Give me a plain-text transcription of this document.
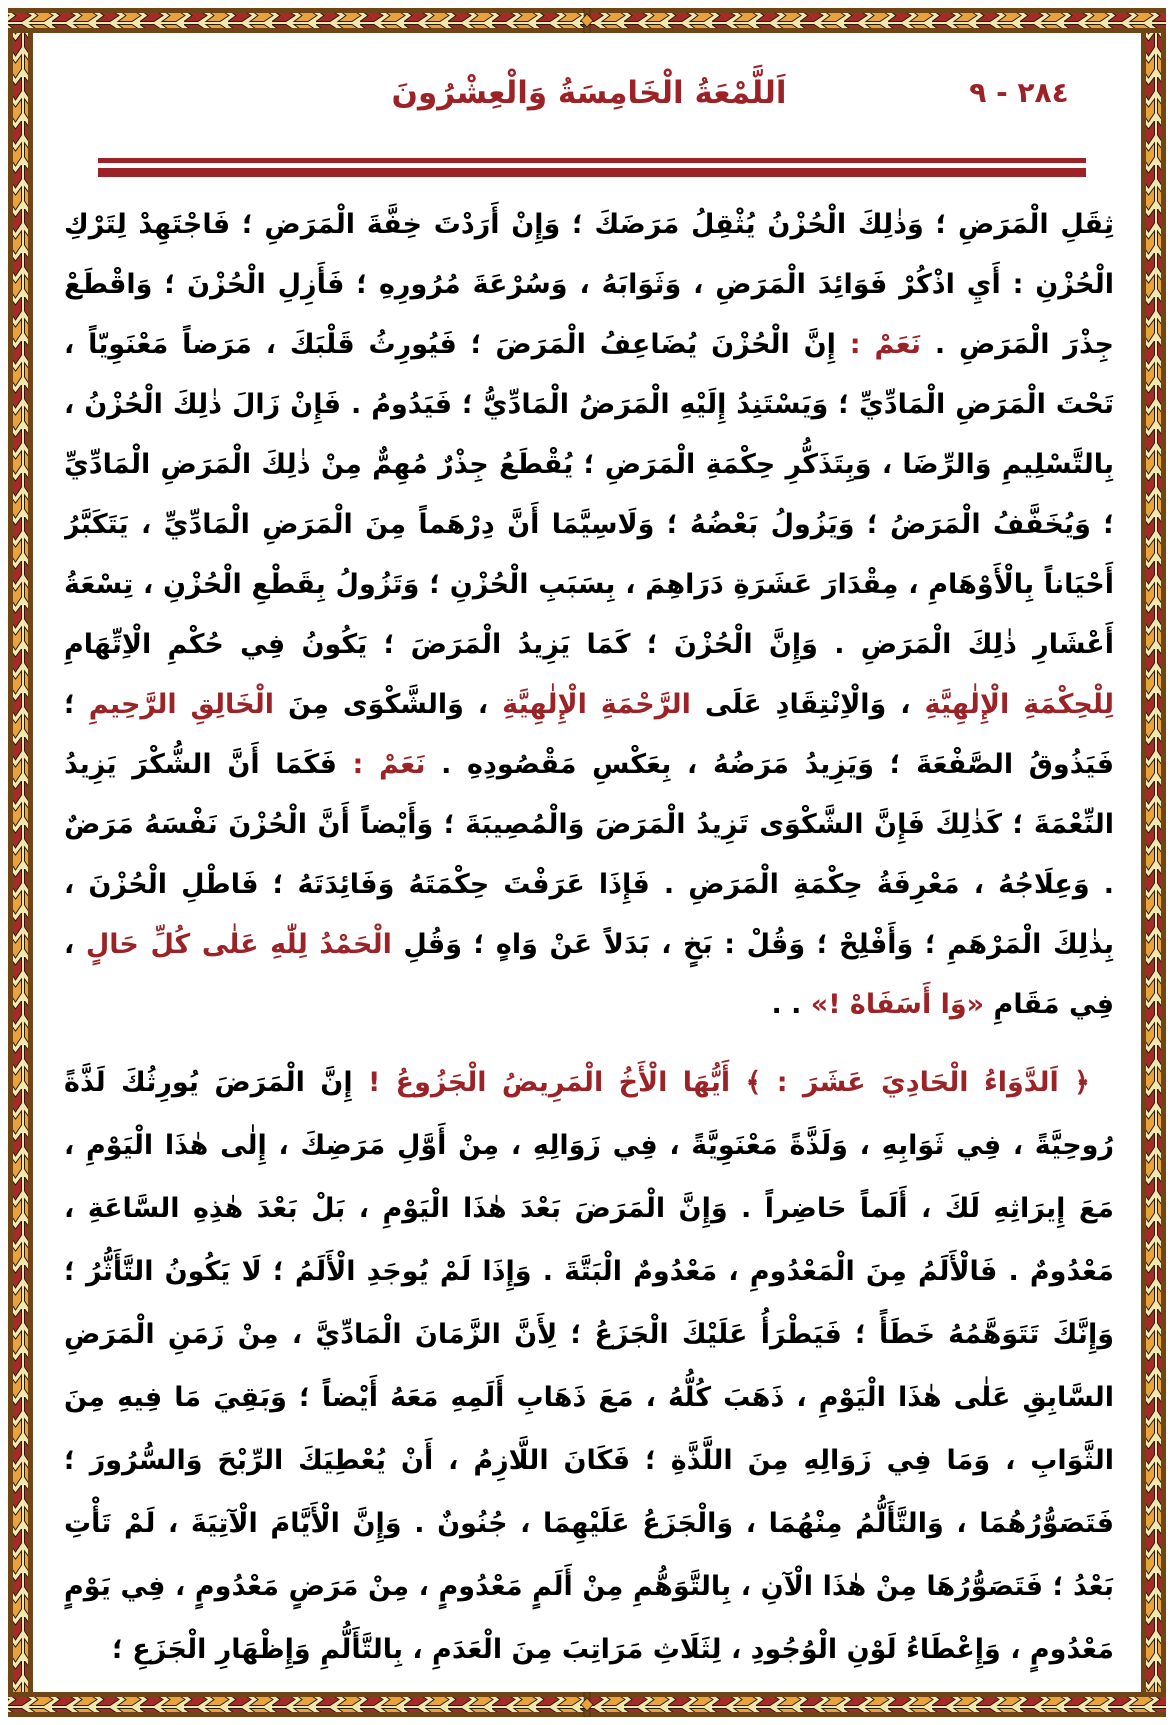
اَللَّمْعَةُ الْخَامِسَةُ وَالْعِشْرُونَ	٢٨٤ - ٩

ثِقَلِ الْمَرَضِ ؛ وَذٰلِكَ الْحُزْنُ يُثْقِلُ مَرَضَكَ ؛ وَإِنْ أَرَدْتَ خِفَّةَ الْمَرَضِ ؛ فَاجْتَهِدْ لِتَرْكِ الْحُزْنِ : أَيِ اذْكُرْ فَوَائِدَ الْمَرَضِ ، وَثَوَابَهُ ، وَسُرْعَةَ مُرُورِهِ ؛ فَأَزِلِ الْحُزْنَ ؛ وَاقْطَعْ جِذْرَ الْمَرَضِ . نَعَمْ : إِنَّ الْحُزْنَ يُضَاعِفُ الْمَرَضَ ؛ فَيُورِثُ قَلْبَكَ ، مَرَضاً مَعْنَوِيّاً ، تَحْتَ الْمَرَضِ الْمَادِّيِّ ؛ وَيَسْتَنِدُ إِلَيْهِ الْمَرَضُ الْمَادِّيُّ ؛ فَيَدُومُ . فَإِنْ زَالَ ذٰلِكَ الْحُزْنُ ، بِالتَّسْلِيمِ وَالرِّضَا ، وَبِتَذَكُّرِ حِكْمَةِ الْمَرَضِ ؛ يُقْطَعُ جِذْرٌ مُهِمٌّ مِنْ ذٰلِكَ الْمَرَضِ الْمَادِّيِّ ؛ وَيُخَفَّفُ الْمَرَضُ ؛ وَيَزُولُ بَعْضُهُ ؛ وَلَاسِيَّمَا أَنَّ دِرْهَماً مِنَ الْمَرَضِ الْمَادِّيِّ ، يَتَكَبَّرُ أَحْيَاناً بِالْأَوْهَامِ ، مِقْدَارَ عَشَرَةِ دَرَاهِمَ ، بِسَبَبِ الْحُزْنِ ؛ وَتَزُولُ بِقَطْعِ الْحُزْنِ ، تِسْعَةُ أَعْشَارِ ذٰلِكَ الْمَرَضِ . وَإِنَّ الْحُزْنَ ؛ كَمَا يَزِيدُ الْمَرَضَ ؛ يَكُونُ فِي حُكْمِ الْاِتِّهَامِ لِلْحِكْمَةِ الْإِلٰهِيَّةِ ، وَالْاِنْتِقَادِ عَلَى الرَّحْمَةِ الْإِلٰهِيَّةِ ، وَالشَّكْوَى مِنَ الْخَالِقِ الرَّحِيمِ ؛ فَيَذُوقُ الصَّفْعَةَ ؛ وَيَزِيدُ مَرَضُهُ ، بِعَكْسِ مَقْصُودِهِ . نَعَمْ : فَكَمَا أَنَّ الشُّكْرَ يَزِيدُ النِّعْمَةَ ؛ كَذٰلِكَ فَإِنَّ الشَّكْوَى تَزِيدُ الْمَرَضَ وَالْمُصِيبَةَ ؛ وَأَيْضاً أَنَّ الْحُزْنَ نَفْسَهُ مَرَضٌ . وَعِلَاجُهُ ، مَعْرِفَةُ حِكْمَةِ الْمَرَضِ . فَإِذَا عَرَفْتَ حِكْمَتَهُ وَفَائِدَتَهُ ؛ فَاطْلِ الْحُزْنَ ، بِذٰلِكَ الْمَرْهَمِ ؛ وَأَفْلِحْ ؛ وَقُلْ : بَخٍ ، بَدَلاً عَنْ وَاهٍ ؛ وَقُلِ الْحَمْدُ لِلّٰهِ عَلٰى كُلِّ حَالٍ ، فِي مَقَامِ «وَا أَسَفَاهْ !» . .

﴿ اَلدَّوَاءُ الْحَادِيَ عَشَرَ : ﴾ أَيُّهَا الْأَخُ الْمَرِيضُ الْجَزُوعُ ! إِنَّ الْمَرَضَ يُورِثُكَ لَذَّةً رُوحِيَّةً ، فِي ثَوَابِهِ ، وَلَذَّةً مَعْنَوِيَّةً ، فِي زَوَالِهِ ، مِنْ أَوَّلِ مَرَضِكَ ، إِلٰى هٰذَا الْيَوْمِ ، مَعَ إِيرَاثِهِ لَكَ ، أَلَماً حَاضِراً . وَإِنَّ الْمَرَضَ بَعْدَ هٰذَا الْيَوْمِ ، بَلْ بَعْدَ هٰذِهِ السَّاعَةِ ، مَعْدُومٌ . فَالْأَلَمُ مِنَ الْمَعْدُومِ ، مَعْدُومٌ الْبَتَّةَ . وَإِذَا لَمْ يُوجَدِ الْأَلَمُ ؛ لَا يَكُونُ التَّأَثُّرُ ؛ وَإِنَّكَ تَتَوَهَّمُهُ خَطَأً ؛ فَيَطْرَأُ عَلَيْكَ الْجَزَعُ ؛ لِأَنَّ الزَّمَانَ الْمَادِّيَّ ، مِنْ زَمَنِ الْمَرَضِ السَّابِقِ عَلٰى هٰذَا الْيَوْمِ ، ذَهَبَ كُلُّهُ ، مَعَ ذَهَابِ أَلَمِهِ مَعَهُ أَيْضاً ؛ وَبَقِيَ مَا فِيهِ مِنَ الثَّوَابِ ، وَمَا فِي زَوَالِهِ مِنَ اللَّذَّةِ ؛ فَكَانَ اللَّازِمُ ، أَنْ يُعْطِيَكَ الرِّبْحَ وَالسُّرُورَ ؛ فَتَصَوُّرُهُمَا ، وَالتَّأَلُّمُ مِنْهُمَا ، وَالْجَزَعُ عَلَيْهِمَا ، جُنُونٌ . وَإِنَّ الْأَيَّامَ الْآتِيَةَ ، لَمْ تَأْتِ بَعْدُ ؛ فَتَصَوُّرُهَا مِنْ هٰذَا الْآنِ ، بِالتَّوَهُّمِ مِنْ أَلَمٍ مَعْدُومٍ ، مِنْ مَرَضٍ مَعْدُومٍ ، فِي يَوْمٍ مَعْدُومٍ ، وَإِعْطَاءُ لَوْنِ الْوُجُودِ ، لِثَلَاثِ مَرَاتِبَ مِنَ الْعَدَمِ ، بِالتَّأَلُّمِ وَإِظْهَارِ الْجَزَعِ ؛
